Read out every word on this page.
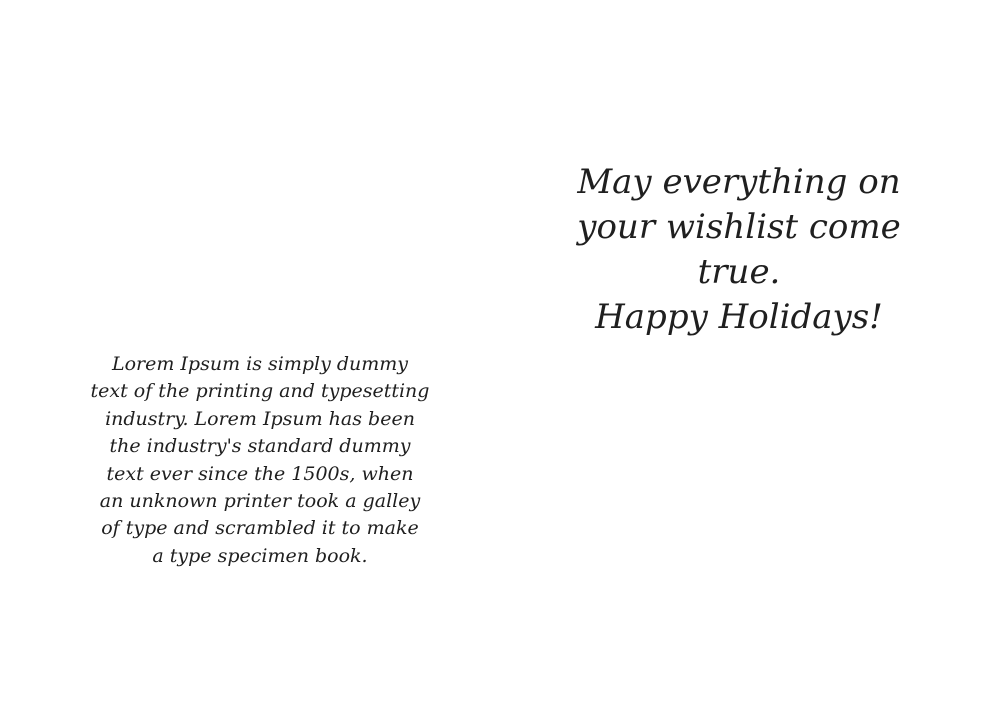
Lorem Ipsum is simply dummy
text of the printing and typesetting
industry. Lorem Ipsum has been
the industry's standard dummy
text ever since the 1500s, when
an unknown printer took a galley
of type and scrambled it to make
a type specimen book.

May everything on
your wishlist come
true.
Happy Holidays!
